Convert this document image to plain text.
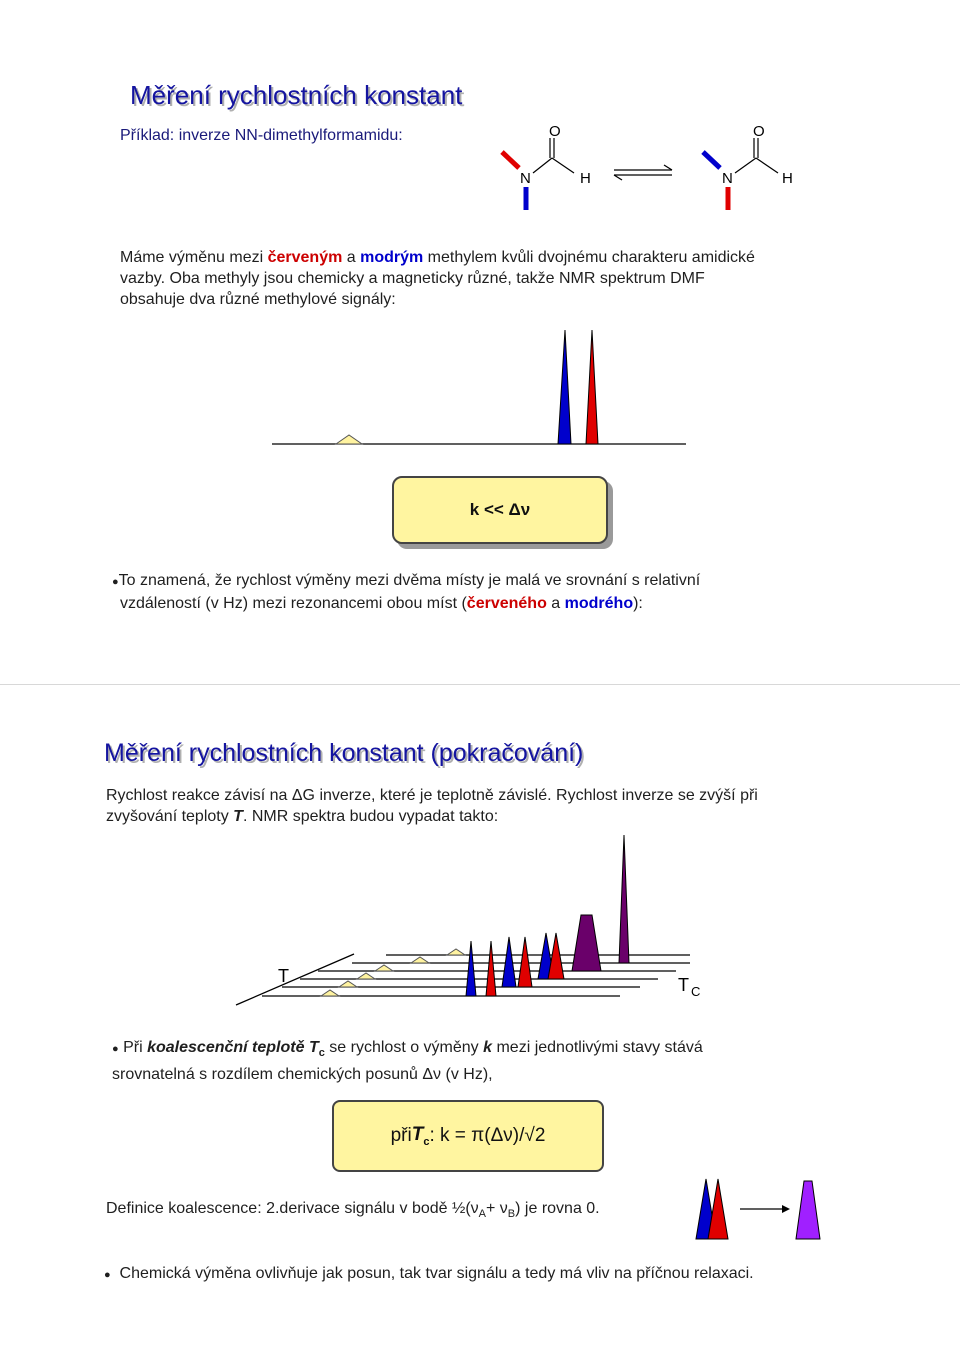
Měření rychlostních konstant
Příklad: inverze NN-dimethylformamidu:	O
N	H
O
N	H
Máme výměnu mezi červeným a modrým methylem kvůli dvojnému charakteru amidické
vazby. Oba methyly jsou chemicky a magneticky různé, takže NMR spektrum DMF
obsahuje dva různé methylové signály:
k << Δν
●To znamená, že rychlost výměny mezi dvěma místy je malá ve srovnání s relativní
vzdáleností (v Hz) mezi rezonancemi obou míst (červeného a modrého):
Měření rychlostních konstant (pokračování)
Rychlost reakce závisí na ΔG inverze, které je teplotně závislé. Rychlost inverze se zvýší při
zvyšování teploty T. NMR spektra budou vypadat takto:
T	T $_C$
● Při koalescenční teplotě $T_c$ se rychlost o výměny k mezi jednotlivými stavy stává
srovnatelná s rozdílem chemických posunů Δν (v Hz),
při $T_c$ : k = π(Δν)/√2
Definice koalescence: 2.derivace signálu v bodě $\frac{1}{2}(\nu_A+ \nu_B)$ je rovna 0.
● Chemická výměna ovlivňuje jak posun, tak tvar signálu a tedy má vliv na příčnou relaxaci.
